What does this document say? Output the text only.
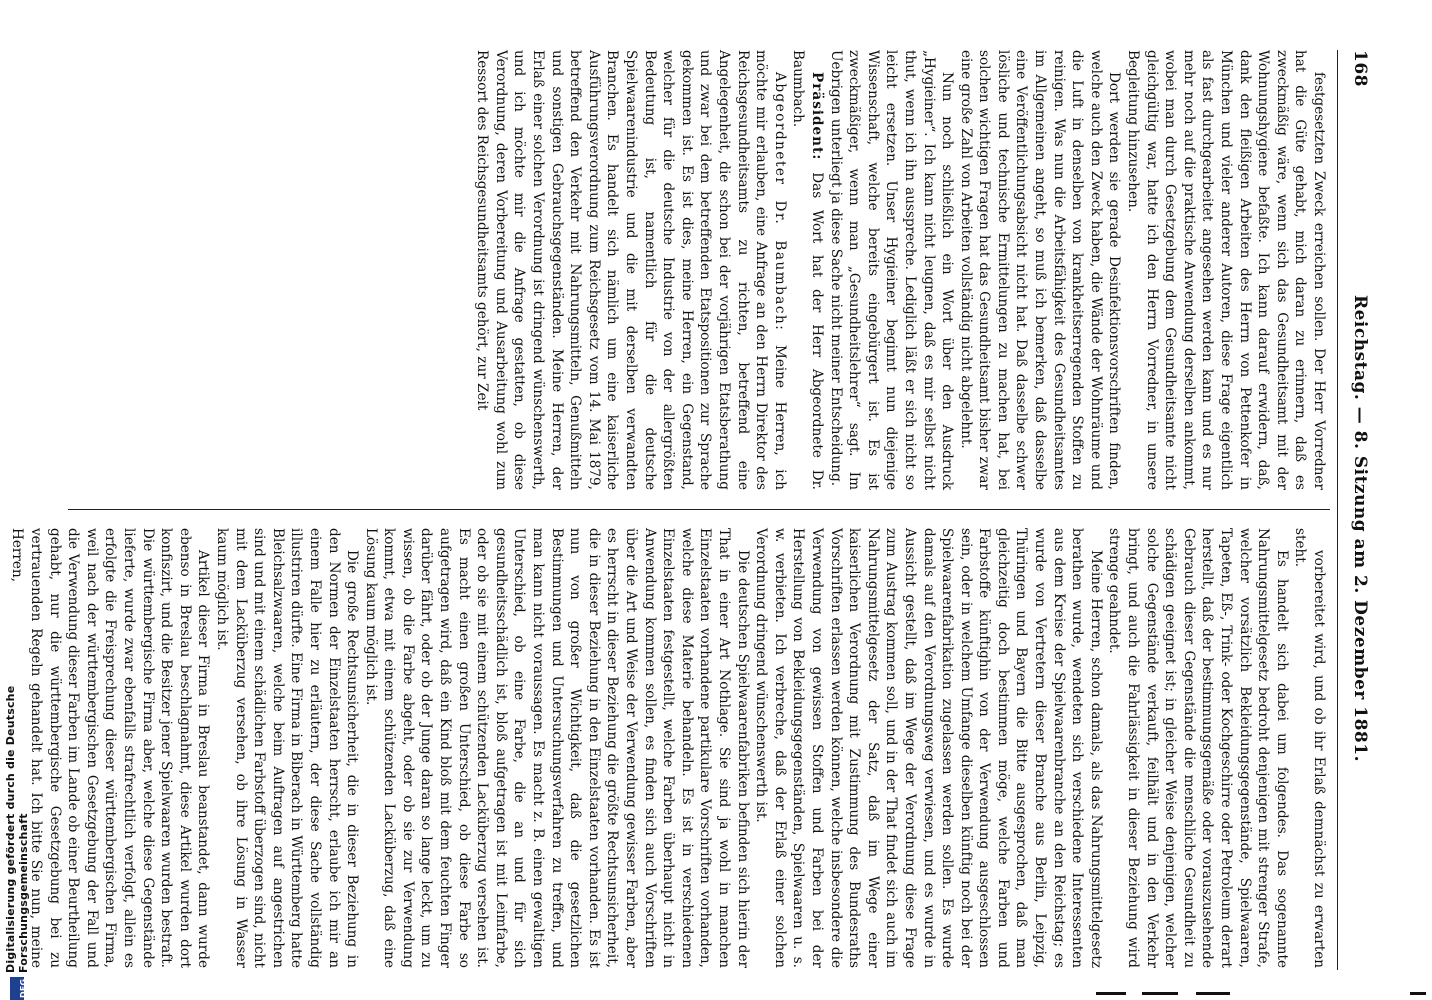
DFG
Digitalisierung gefördert durch die Deutsche Forschungsgemeinschaft
168
Reichstag. — 8. Sitzung am 2. Dezember 1881.

festgesetzten Zweck erreichen sollen. Der Herr Vorredner hat die Güte gehabt, mich daran zu erinnern, daß es zweckmäßig wäre, wenn sich das Gesundheitsamt mit der Wohnungshygiene befaßte. Ich kann darauf erwidern, daß, dank den fleißigen Arbeiten des Herrn von Pettenkofer in München und vieler anderer Autoren, diese Frage eigentlich als fast durchgearbeitet angesehen werden kann und es nur mehr noch auf die praktische Anwendung derselben ankommt, wobei man durch Gesetzgebung dem Gesundheitsamte nicht gleichgültig war, hatte ich den Herrn Vorredner, in unsere Begleitung hinzusehen.

Dort werden sie gerade Desinfektionsvorschriften finden, welche auch den Zweck haben, die Wände der Wohnräume und die Luft in denselben von krankheitserregenden Stoffen zu reinigen. Was nun die Arbeitsfähigkeit des Gesundheitsamtes im Allgemeinen angeht, so muß ich bemerken, daß dasselbe eine Veröffentlichungsabsicht nicht hat. Daß dasselbe schwer lösliche und technische Ermittelungen zu machen hat, bei solchen wichtigen Fragen hat das Gesundheitsamt bisher zwar eine große Zahl von Arbeiten vollständig nicht abgelehnt.

Nun noch schließlich ein Wort über den Ausdruck „Hygieiner“. Ich kann nicht leugnen, daß es mir selbst nicht thut, wenn ich ihn ausspreche. Lediglich läßt er sich nicht so leicht ersetzen. Unser Hygieiner beginnt nun diejenige Wissenschaft, welche bereits eingebürgert ist. Es ist zweckmäßiger, wenn man „Gesundheitslehrer“ sagt. Im Uebrigen unterliegt ja diese Sache nicht meiner Entscheidung.

Präsident: Das Wort hat der Herr Abgeordnete Dr. Baumbach.

Abgeordneter Dr. Baumbach: Meine Herren, ich möchte mir erlauben, eine Anfrage an den Herrn Direktor des Reichsgesundheitsamts zu richten, betreffend eine Angelegenheit, die schon bei der vorjährigen Etatsberathung und zwar bei dem betreffenden Etatspositionen zur Sprache gekommen ist. Es ist dies, meine Herren, ein Gegenstand, welcher für die deutsche Industrie von der allergrößten Bedeutung ist, namentlich für die deutsche Spielwaarenindustrie und die mit derselben verwandten Branchen. Es handelt sich nämlich um eine kaiserliche Ausführungsverordnung zum Reichsgesetz vom 14. Mai 1879, betreffend den Verkehr mit Nahrungsmitteln, Genußmitteln und sonstigen Gebrauchsgegenständen. Meine Herren, der Erlaß einer solchen Verordnung ist dringend wünschenswerth, und ich möchte mir die Anfrage gestatten, ob diese Verordnung, deren Vorbereitung und Ausarbeitung wohl zum Ressort des Reichsgesundheitsamts gehört, zur Zeit

vorbereitet wird, und ob ihr Erlaß demnächst zu erwarten steht.

Es handelt sich dabei um folgendes. Das sogenannte Nahrungsmittelgesetz bedroht denjenigen mit strenger Strafe, welcher vorsätzlich Bekleidungsgegenstände, Spielwaaren, Tapeten, Eß-, Trink- oder Kochgeschirre oder Petroleum derart herstellt, daß der bestimmungsgemäße oder vorauszusehende Gebrauch dieser Gegenstände die menschliche Gesundheit zu schädigen geeignet ist; in gleicher Weise denjenigen, welcher solche Gegenstände verkauft, feilhält und in den Verkehr bringt, und auch die Fahrlässigkeit in dieser Beziehung wird strenge geahndet.

Meine Herren, schon damals, als das Nahrungsmittelgesetz berathen wurde, wendeten sich verschiedene Interessenten aus dem Kreise der Spielwaarenbranche an den Reichstag; es wurde von Vertretern dieser Branche aus Berlin, Leipzig, Thüringen und Bayern die Bitte ausgesprochen, daß man gleichzeitig doch bestimmen möge, welche Farben und Farbstoffe künftighin von der Verwendung ausgeschlossen sein, oder in welchem Umfange dieselben künftig noch bei der Spielwaarenfabrikation zugelassen werden sollen. Es wurde damals auf den Verordnungsweg verwiesen, und es wurde in Aussicht gestellt, daß im Wege der Verordnung diese Frage zum Austrag kommen soll, und in der That findet sich auch im Nahrungsmittelgesetz der Satz, daß im Wege einer kaiserlichen Verordnung mit Zustimmung des Bundesraths Vorschriften erlassen werden können, welche insbesondere die Verwendung von gewissen Stoffen und Farben bei der Herstellung von Bekleidungsgegenständen, Spielwaaren u. s. w. verbieten. Ich verbreche, daß der Erlaß einer solchen Verordnung dringend wünschenswerth ist.

Die deutschen Spielwaarenfabriken befinden sich hierin der That in einer Art Nothlage. Sie sind ja wohl in manchen Einzelstaaten vorhandene partikulare Vorschriften vorhanden, welche diese Materie behandeln. Es ist in verschiedenen Einzelstaaten festgestellt, welche Farben überhaupt nicht in Anwendung kommen sollen, es finden sich auch Vorschriften über die Art und Weise der Verwendung gewisser Farben, aber es herrscht in dieser Beziehung die größte Rechtsunsicherheit, die in dieser Beziehung in den Einzelstaaten vorhanden. Es ist nun von großer Wichtigkeit, daß die gesetzlichen Bestimmungen und Untersuchungsverfahren zu treffen, und man kann nicht voraussagen. Es macht z. B. einen gewaltigen Unterschied, ob eine Farbe, die an und für sich gesundheitsschädlich ist, bloß aufgetragen ist mit Leimfarbe, oder ob sie mit einem schützenden Lacküberzug versehen ist. Es macht einen großen Unterschied, ob diese Farbe so aufgetragen wird, daß ein Kind bloß mit dem feuchten Finger darüber fährt, oder ob der Junge daran so lange leckt, um zu wissen, ob die Farbe abgeht, oder ob sie zur Verwendung kommt, etwa mit einem schützenden Lacküberzug, daß eine Lösung kaum möglich ist.

Die große Rechtsunsicherheit, die in dieser Beziehung in den Normen der Einzelstaaten herrscht, erlaube ich mir an einem Falle hier zu erläutern, der diese Sache vollständig illustriren dürfte. Eine Firma in Biberach in Württemberg hatte Bleichsalzwaaren, welche beim Auftragen auf angestrichen sind und mit einem schädlichen Farbstoff überzogen sind, nicht mit dem Lacküberzug versehen, ob ihre Lösung in Wasser kaum möglich ist.

Artikel dieser Firma in Breslau beanstandet, dann wurde ebenso in Breslau beschlagnahmt, diese Artikel wurden dort konfiszirt, und die Besitzer jener Spielwaaren wurden bestraft. Die württembergische Firma aber, welche diese Gegenstände lieferte, wurde zwar ebenfalls strafrechtlich verfolgt, allein es erfolgte die Freisprechung dieser württembergischen Firma, weil nach der württembergischen Gesetzgebung der Fall und die Verwendung dieser Farben im Lande ob einer Beurtheilung gehabt, nur die württembergische Gesetzgebung bei zu vertrauenden Regeln gehandelt hat. Ich bitte Sie nun, meine Herren,
